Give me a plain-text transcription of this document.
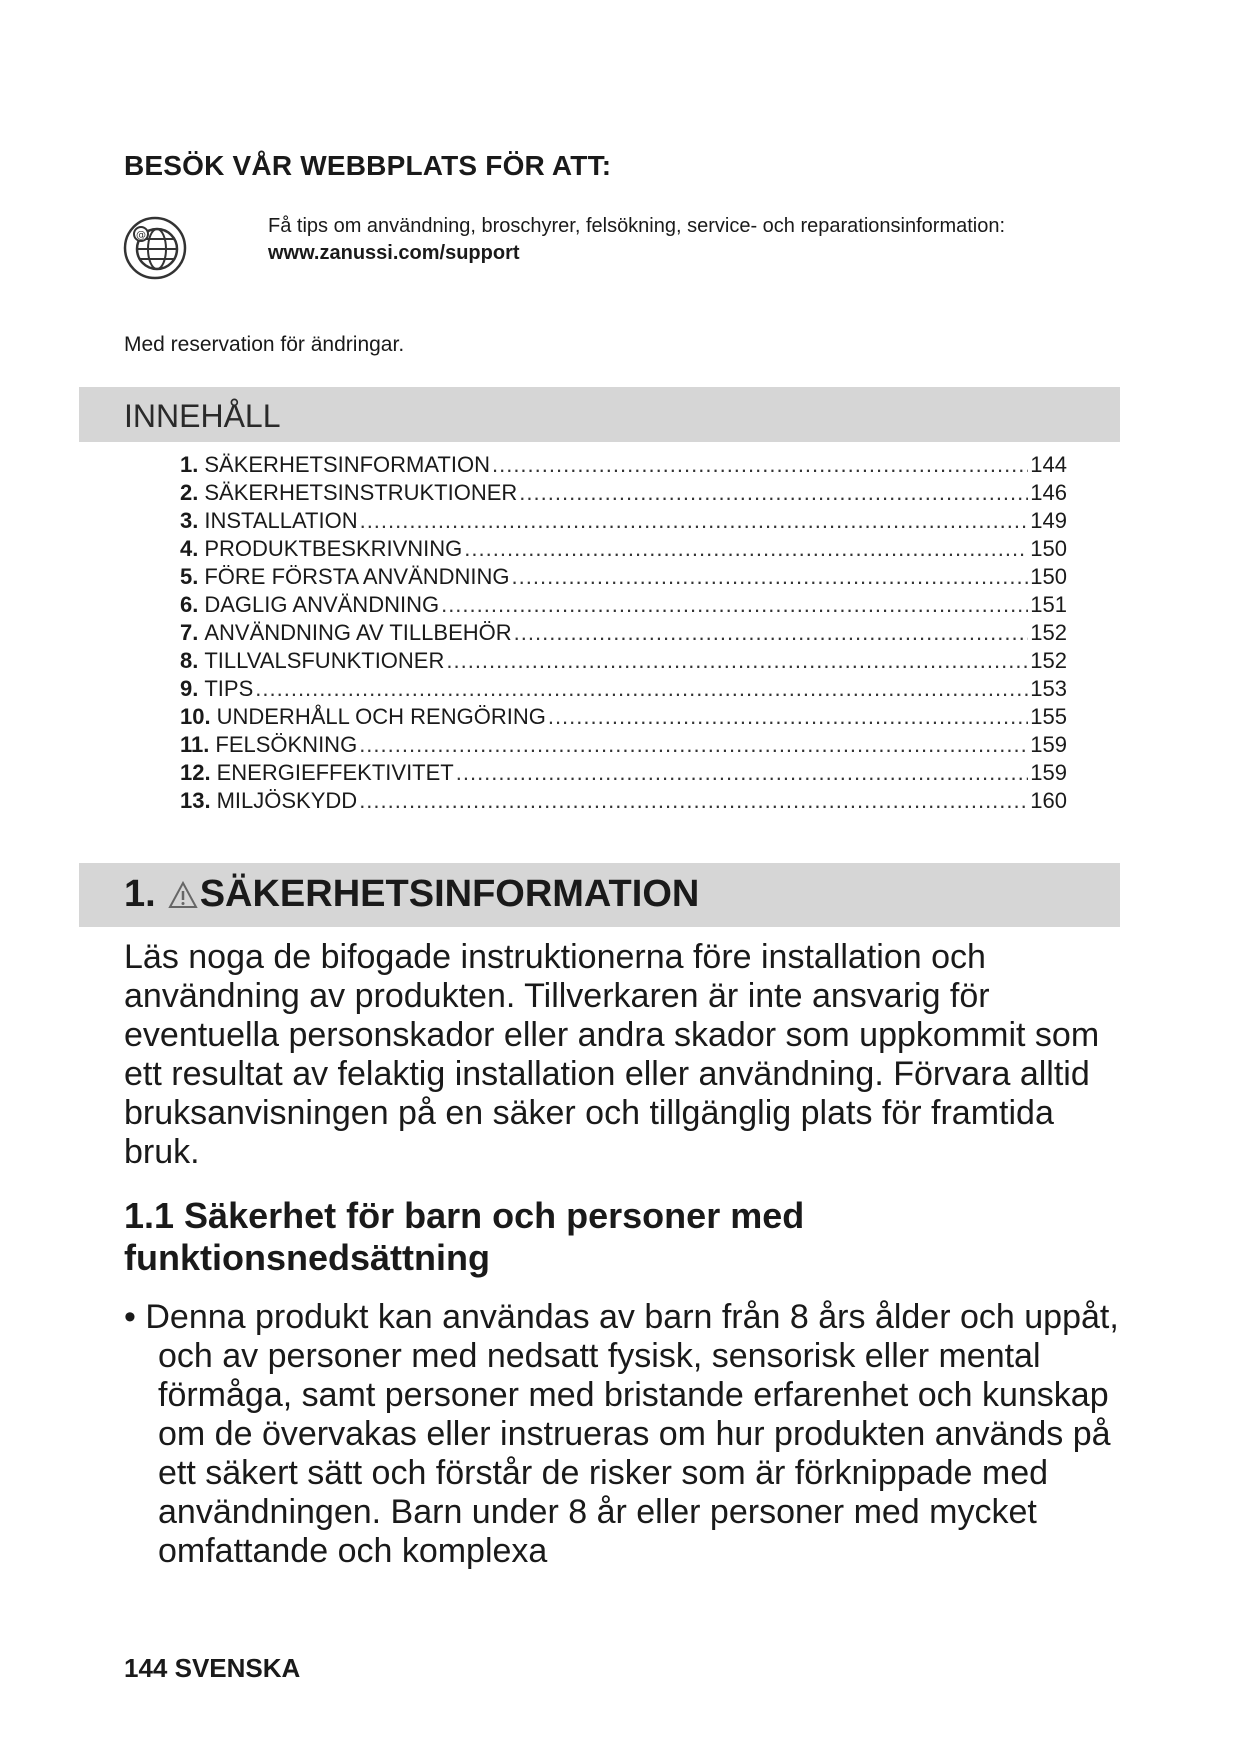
BESÖK VÅR WEBBPLATS FÖR ATT:
@	Få tips om användning, broschyrer, felsökning, service- och reparationsinformation:
www.zanussi.com/support
Med reservation för ändringar.
INNEHÅLL
1. SÄKERHETSINFORMATION .....	144
2. SÄKERHETSINSTRUKTIONER .....	146
3. INSTALLATION .....	149
4. PRODUKTBESKRIVNING .....	150
5. FÖRE FÖRSTA ANVÄNDNING .....	150
6. DAGLIG ANVÄNDNING .....	151
7. ANVÄNDNING AV TILLBEHÖR .....	152
8. TILLVALSFUNKTIONER .....	152
9. TIPS .....	153
10. UNDERHÅLL OCH RENGÖRING .....	155
11. FELSÖKNING .....	159
12. ENERGIEFFEKTIVITET .....	159
13. MILJÖSKYDD .....	160
1. SÄKERHETSINFORMATION

Läs noga de bifogade instruktionerna före installation och användning av produkten. Tillverkaren är inte ansvarig för eventuella personskador eller andra skador som uppkommit som ett resultat av felaktig installation eller användning. Förvara alltid bruksanvisningen på en säker och tillgänglig plats för framtida bruk.

1.1 Säkerhet för barn och personer med funktionsnedsättning

• Denna produkt kan användas av barn från 8 års ålder och uppåt, och av personer med nedsatt fysisk, sensorisk eller mental förmåga, samt personer med bristande erfarenhet och kunskap om de övervakas eller instrueras om hur produkten används på ett säkert sätt och förstår de risker som är förknippade med användningen. Barn under 8 år eller personer med mycket omfattande och komplexa

144 SVENSKA
